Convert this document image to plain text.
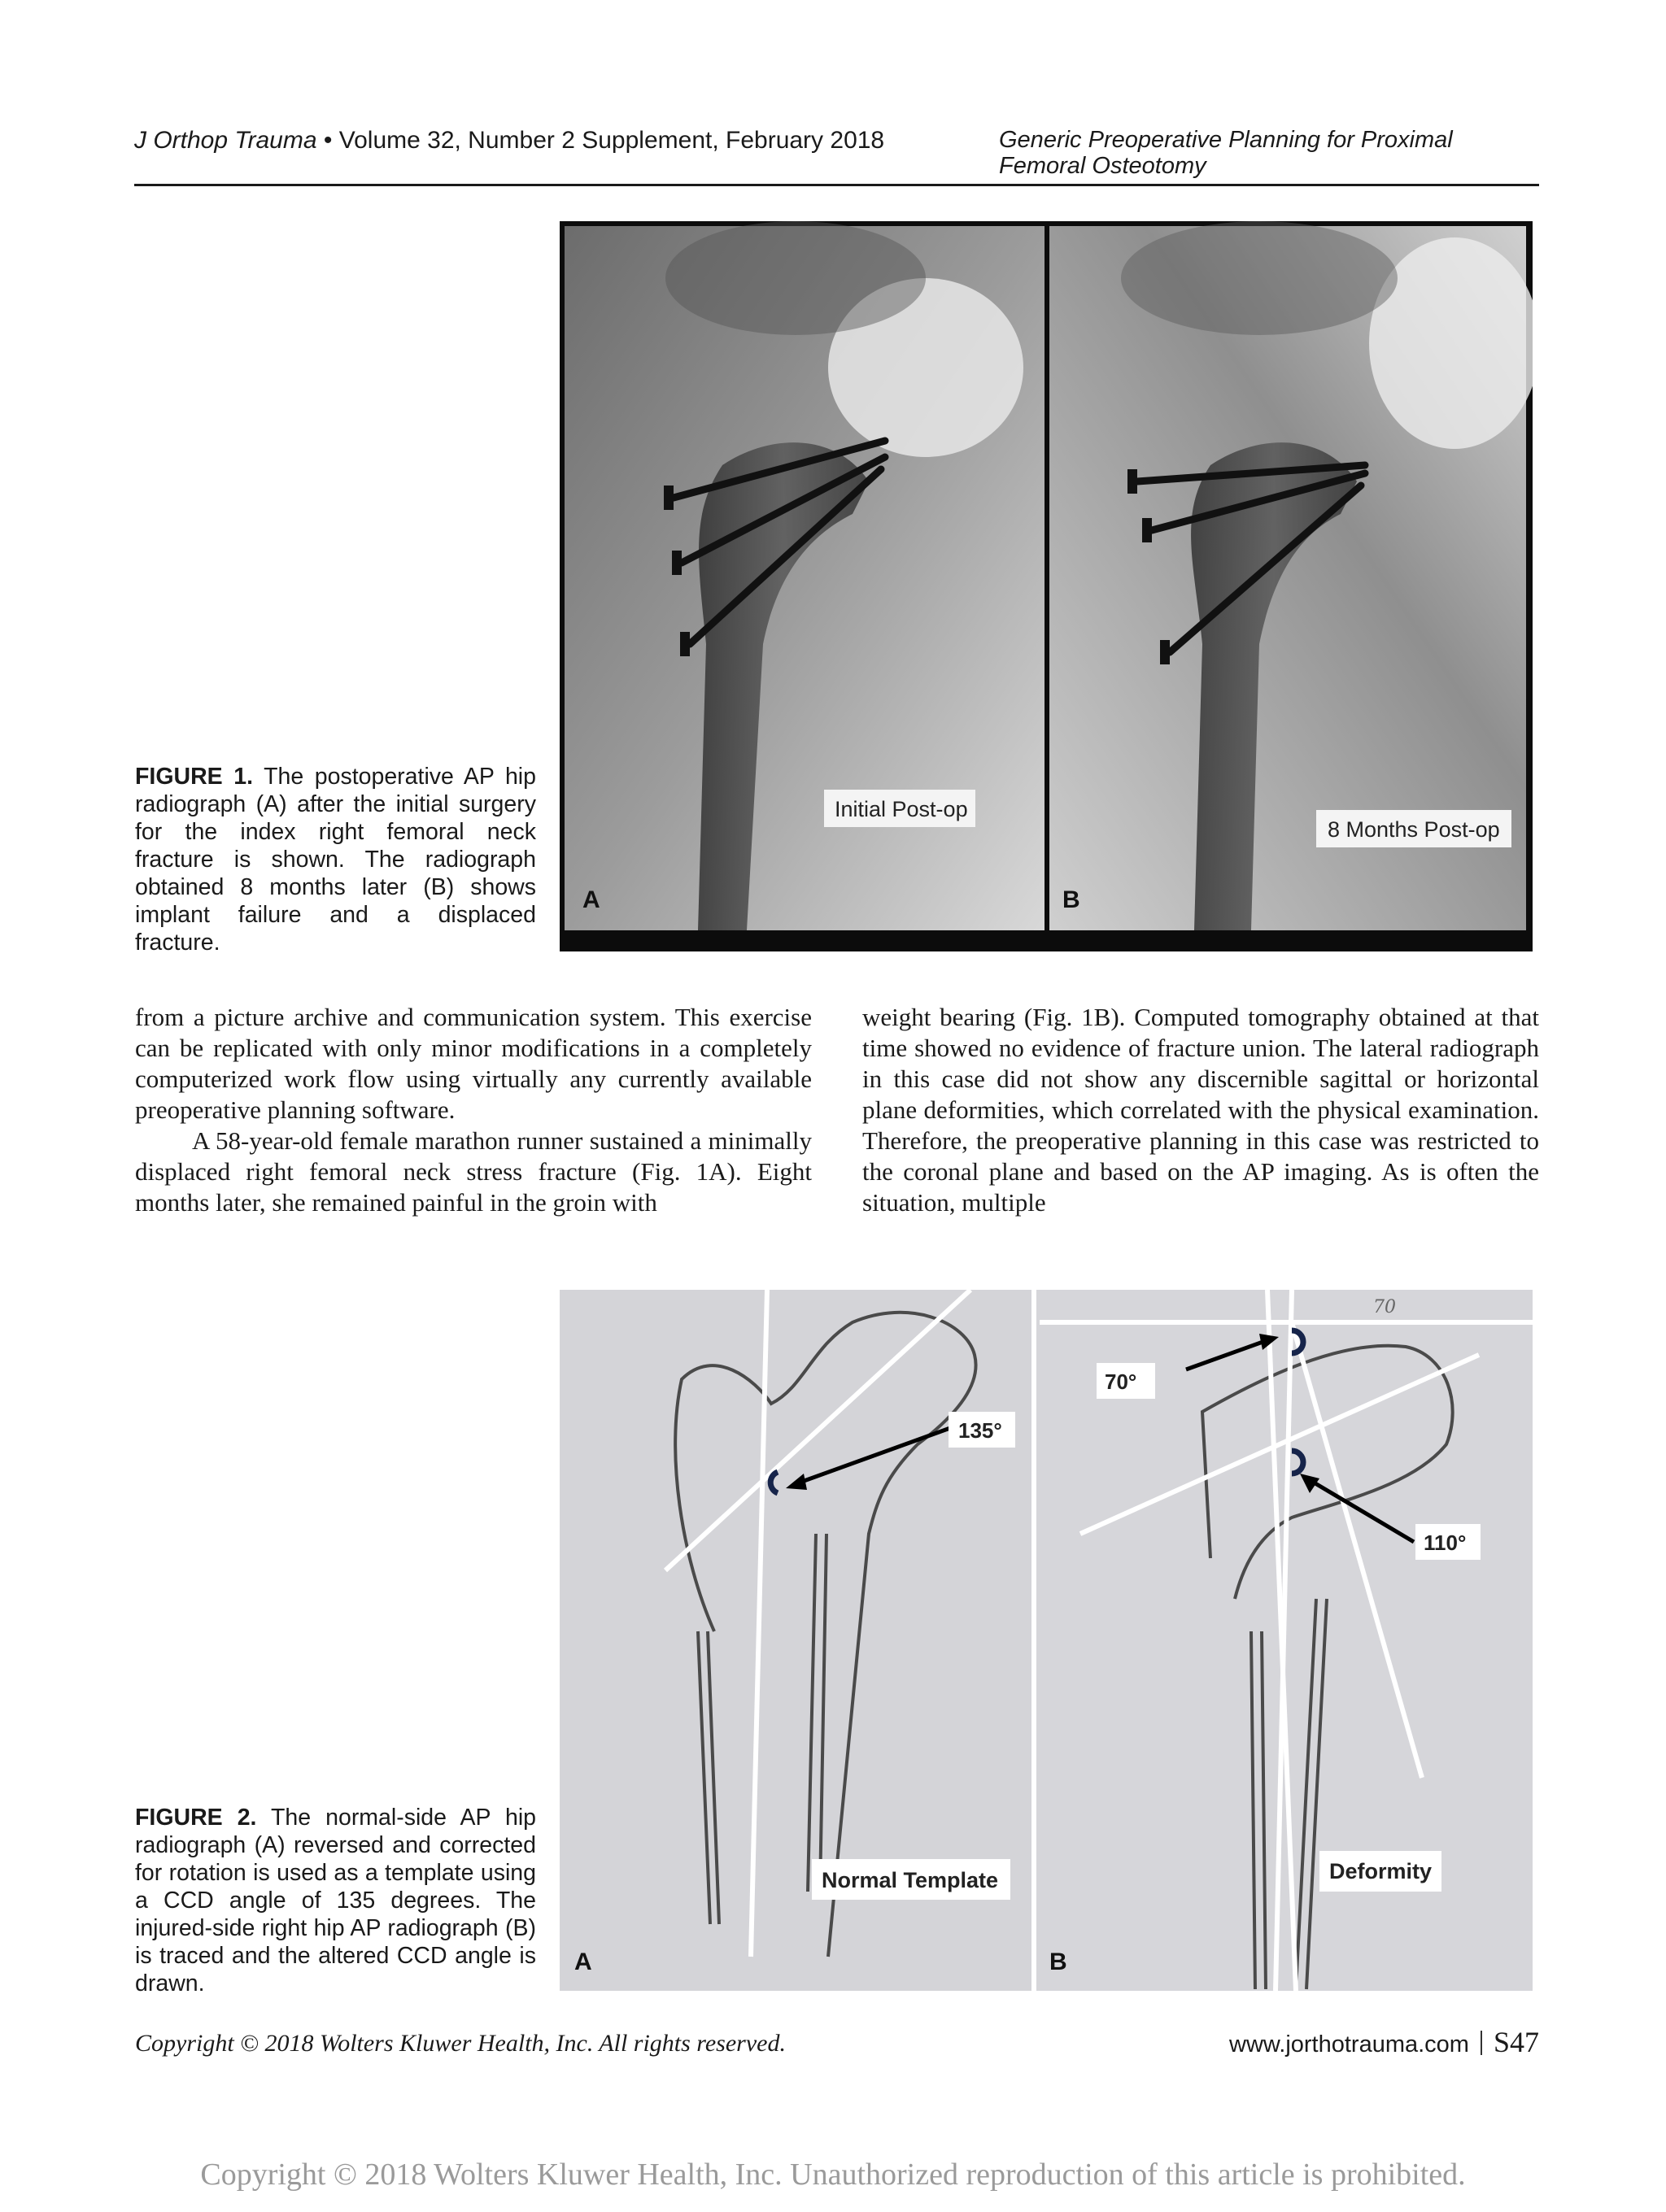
J Orthop Trauma • Volume 32, Number 2 Supplement, February 2018	Generic Preoperative Planning for Proximal Femoral Osteotomy
FIGURE 1. The postoperative AP hip radiograph (A) after the initial surgery for the index right femoral neck fracture is shown. The radiograph obtained 8 months later (B) shows implant failure and a displaced fracture.
Initial Post-op
A
8 Months Post-op
B

from a picture archive and communication system. This exercise can be replicated with only minor modifications in a completely computerized work flow using virtually any currently available preoperative planning software.

A 58-year-old female marathon runner sustained a minimally displaced right femoral neck stress fracture (Fig. 1A). Eight months later, she remained painful in the groin with

weight bearing (Fig. 1B). Computed tomography obtained at that time showed no evidence of fracture union. The lateral radiograph in this case did not show any discernible sagittal or horizontal plane deformities, which correlated with the physical examination. Therefore, the preoperative planning in this case was restricted to the coronal plane and based on the AP imaging. As is often the situation, multiple

FIGURE 2. The normal-side AP hip radiograph (A) reversed and corrected for rotation is used as a template using a CCD angle of 135 degrees. The injured-side right hip AP radiograph (B) is traced and the altered CCD angle is drawn.
135°
Normal Template
A
70
70°
110°
Deformity
B
Copyright © 2018 Wolters Kluwer Health, Inc. All rights reserved.	www.jorthotrauma.com S47
Copyright © 2018 Wolters Kluwer Health, Inc. Unauthorized reproduction of this article is prohibited.
